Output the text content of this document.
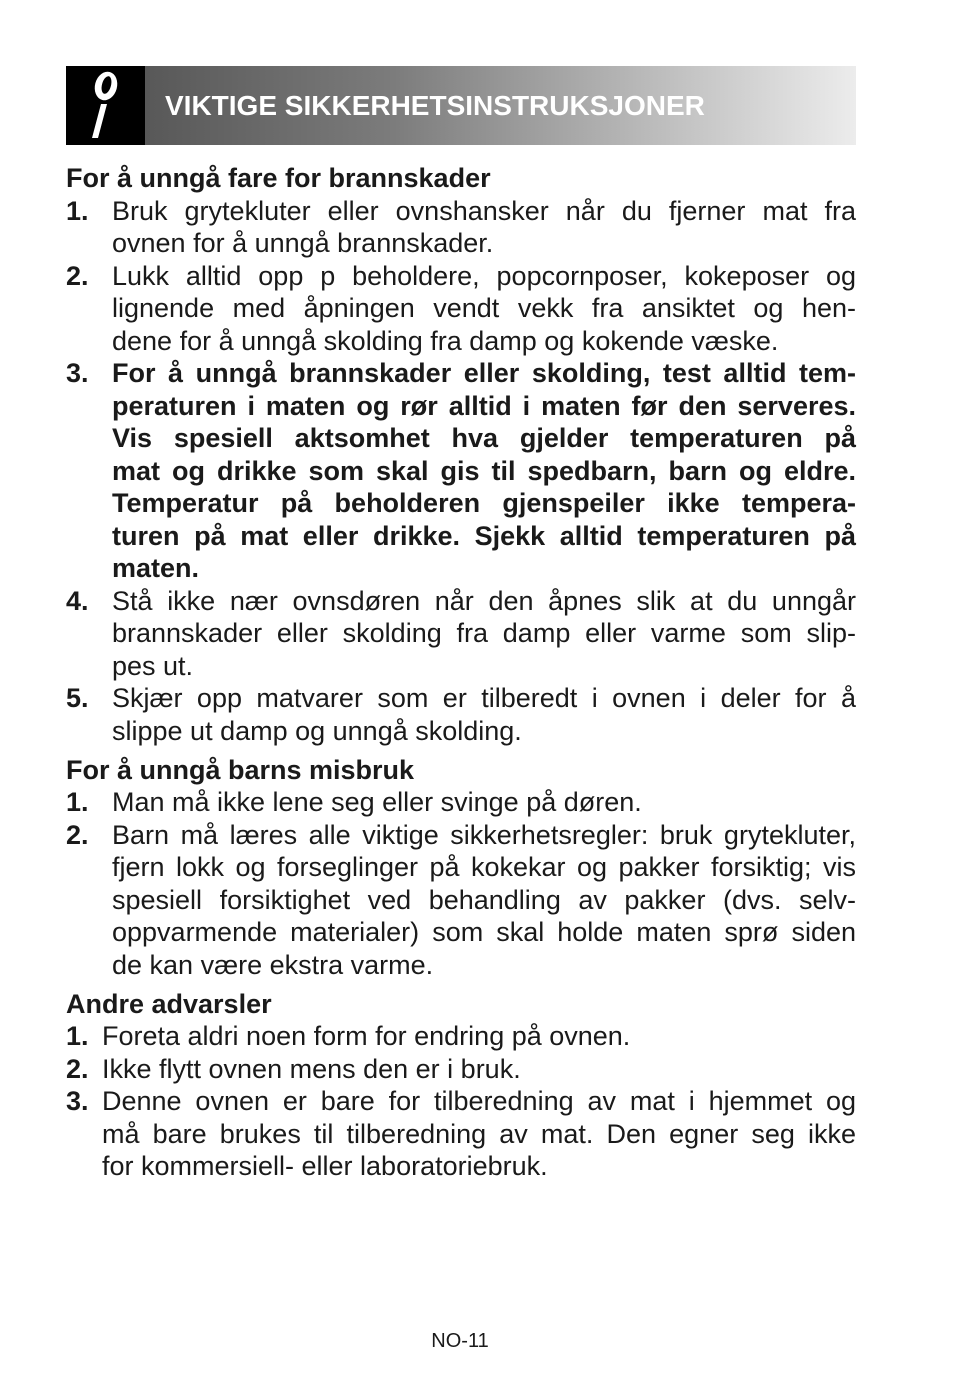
VIKTIGE SIKKERHETSINSTRUKSJONER
For å unngå fare for brannskader
1. Bruk grytekluter eller ovnshansker når du fjerner mat fra
ovnen for å unngå brannskader.
2. Lukk alltid opp p beholdere, popcornposer, kokeposer og
lignende med åpningen vendt vekk fra ansiktet og hen-
dene for å unngå skolding fra damp og kokende væske.
3. For å unngå brannskader eller skolding, test alltid tem-
peraturen i maten og rør alltid i maten før den serveres.
Vis spesiell aktsomhet hva gjelder temperaturen på
mat og drikke som skal gis til spedbarn, barn og eldre.
Temperatur på beholderen gjenspeiler ikke tempera-
turen på mat eller drikke. Sjekk alltid temperaturen på
maten.
4. Stå ikke nær ovnsdøren når den åpnes slik at du unngår
brannskader eller skolding fra damp eller varme som slip-
pes ut.
5. Skjær opp matvarer som er tilberedt i ovnen i deler for å
slippe ut damp og unngå skolding.
For å unngå barns misbruk
1. Man må ikke lene seg eller svinge på døren.
2. Barn må læres alle viktige sikkerhetsregler: bruk grytekluter,
fjern lokk og forseglinger på kokekar og pakker forsiktig; vis
spesiell forsiktighet ved behandling av pakker (dvs. selv-
oppvarmende materialer) som skal holde maten sprø siden
de kan være ekstra varme.
Andre advarsler
1. Foreta aldri noen form for endring på ovnen.
2. Ikke flytt ovnen mens den er i bruk.
3. Denne ovnen er bare for tilberedning av mat i hjemmet og
må bare brukes til tilberedning av mat. Den egner seg ikke
for kommersiell- eller laboratoriebruk.
NO-11
